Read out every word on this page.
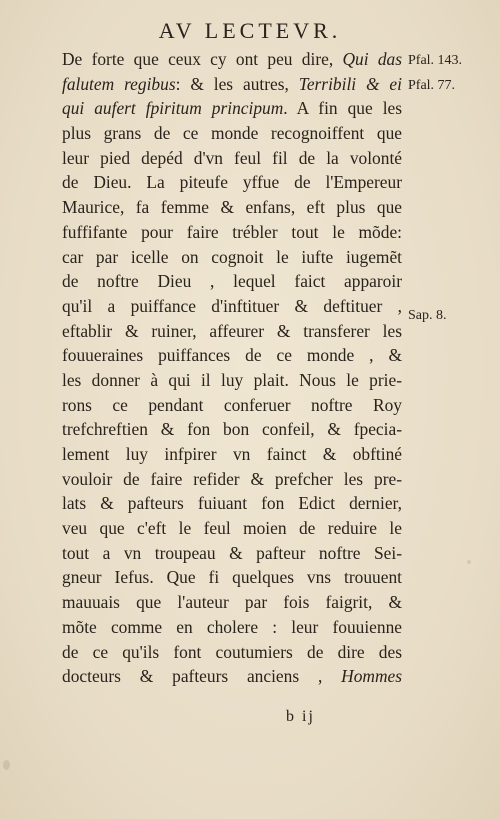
AV LECTEVR.
De forte que ceux cy ont peu dire, Qui das
falutem regibus: & les autres, Terribili & ei
qui aufert fpiritum principum. A fin que les
plus grans de ce monde recognoiffent que
leur pied depéd d'vn feul fil de la volonté
de Dieu. La piteufe yffue de l'Empereur
Maurice, fa femme & enfans, eft plus que
fuffifante pour faire trébler tout le mõde:
car par icelle on cognoit le iufte iugemẽt
de noftre Dieu , lequel faict apparoir
qu'il a puiffance d'inftituer & deftituer ,
eftablir & ruiner, affeurer & transferer les
fouueraines puiffances de ce monde , &
les donner à qui il luy plait. Nous le prie-
rons ce pendant conferuer noftre Roy
trefchreftien & fon bon confeil, & fpecia-
lement luy infpirer vn fainct & obftiné
vouloir de faire refider & prefcher les pre-
lats & pafteurs fuiuant fon Edict dernier,
veu que c'eft le feul moien de reduire le
tout a vn troupeau & pafteur noftre Sei-
gneur Iefus. Que fi quelques vns trouuent
mauuais que l'auteur par fois faigrit, &
mõte comme en cholere : leur fouuienne
de ce qu'ils font coutumiers de dire des
docteurs & pafteurs anciens , Hommes
Pfal. 143.
Pfal. 77.
Sap. 8.
b ij
